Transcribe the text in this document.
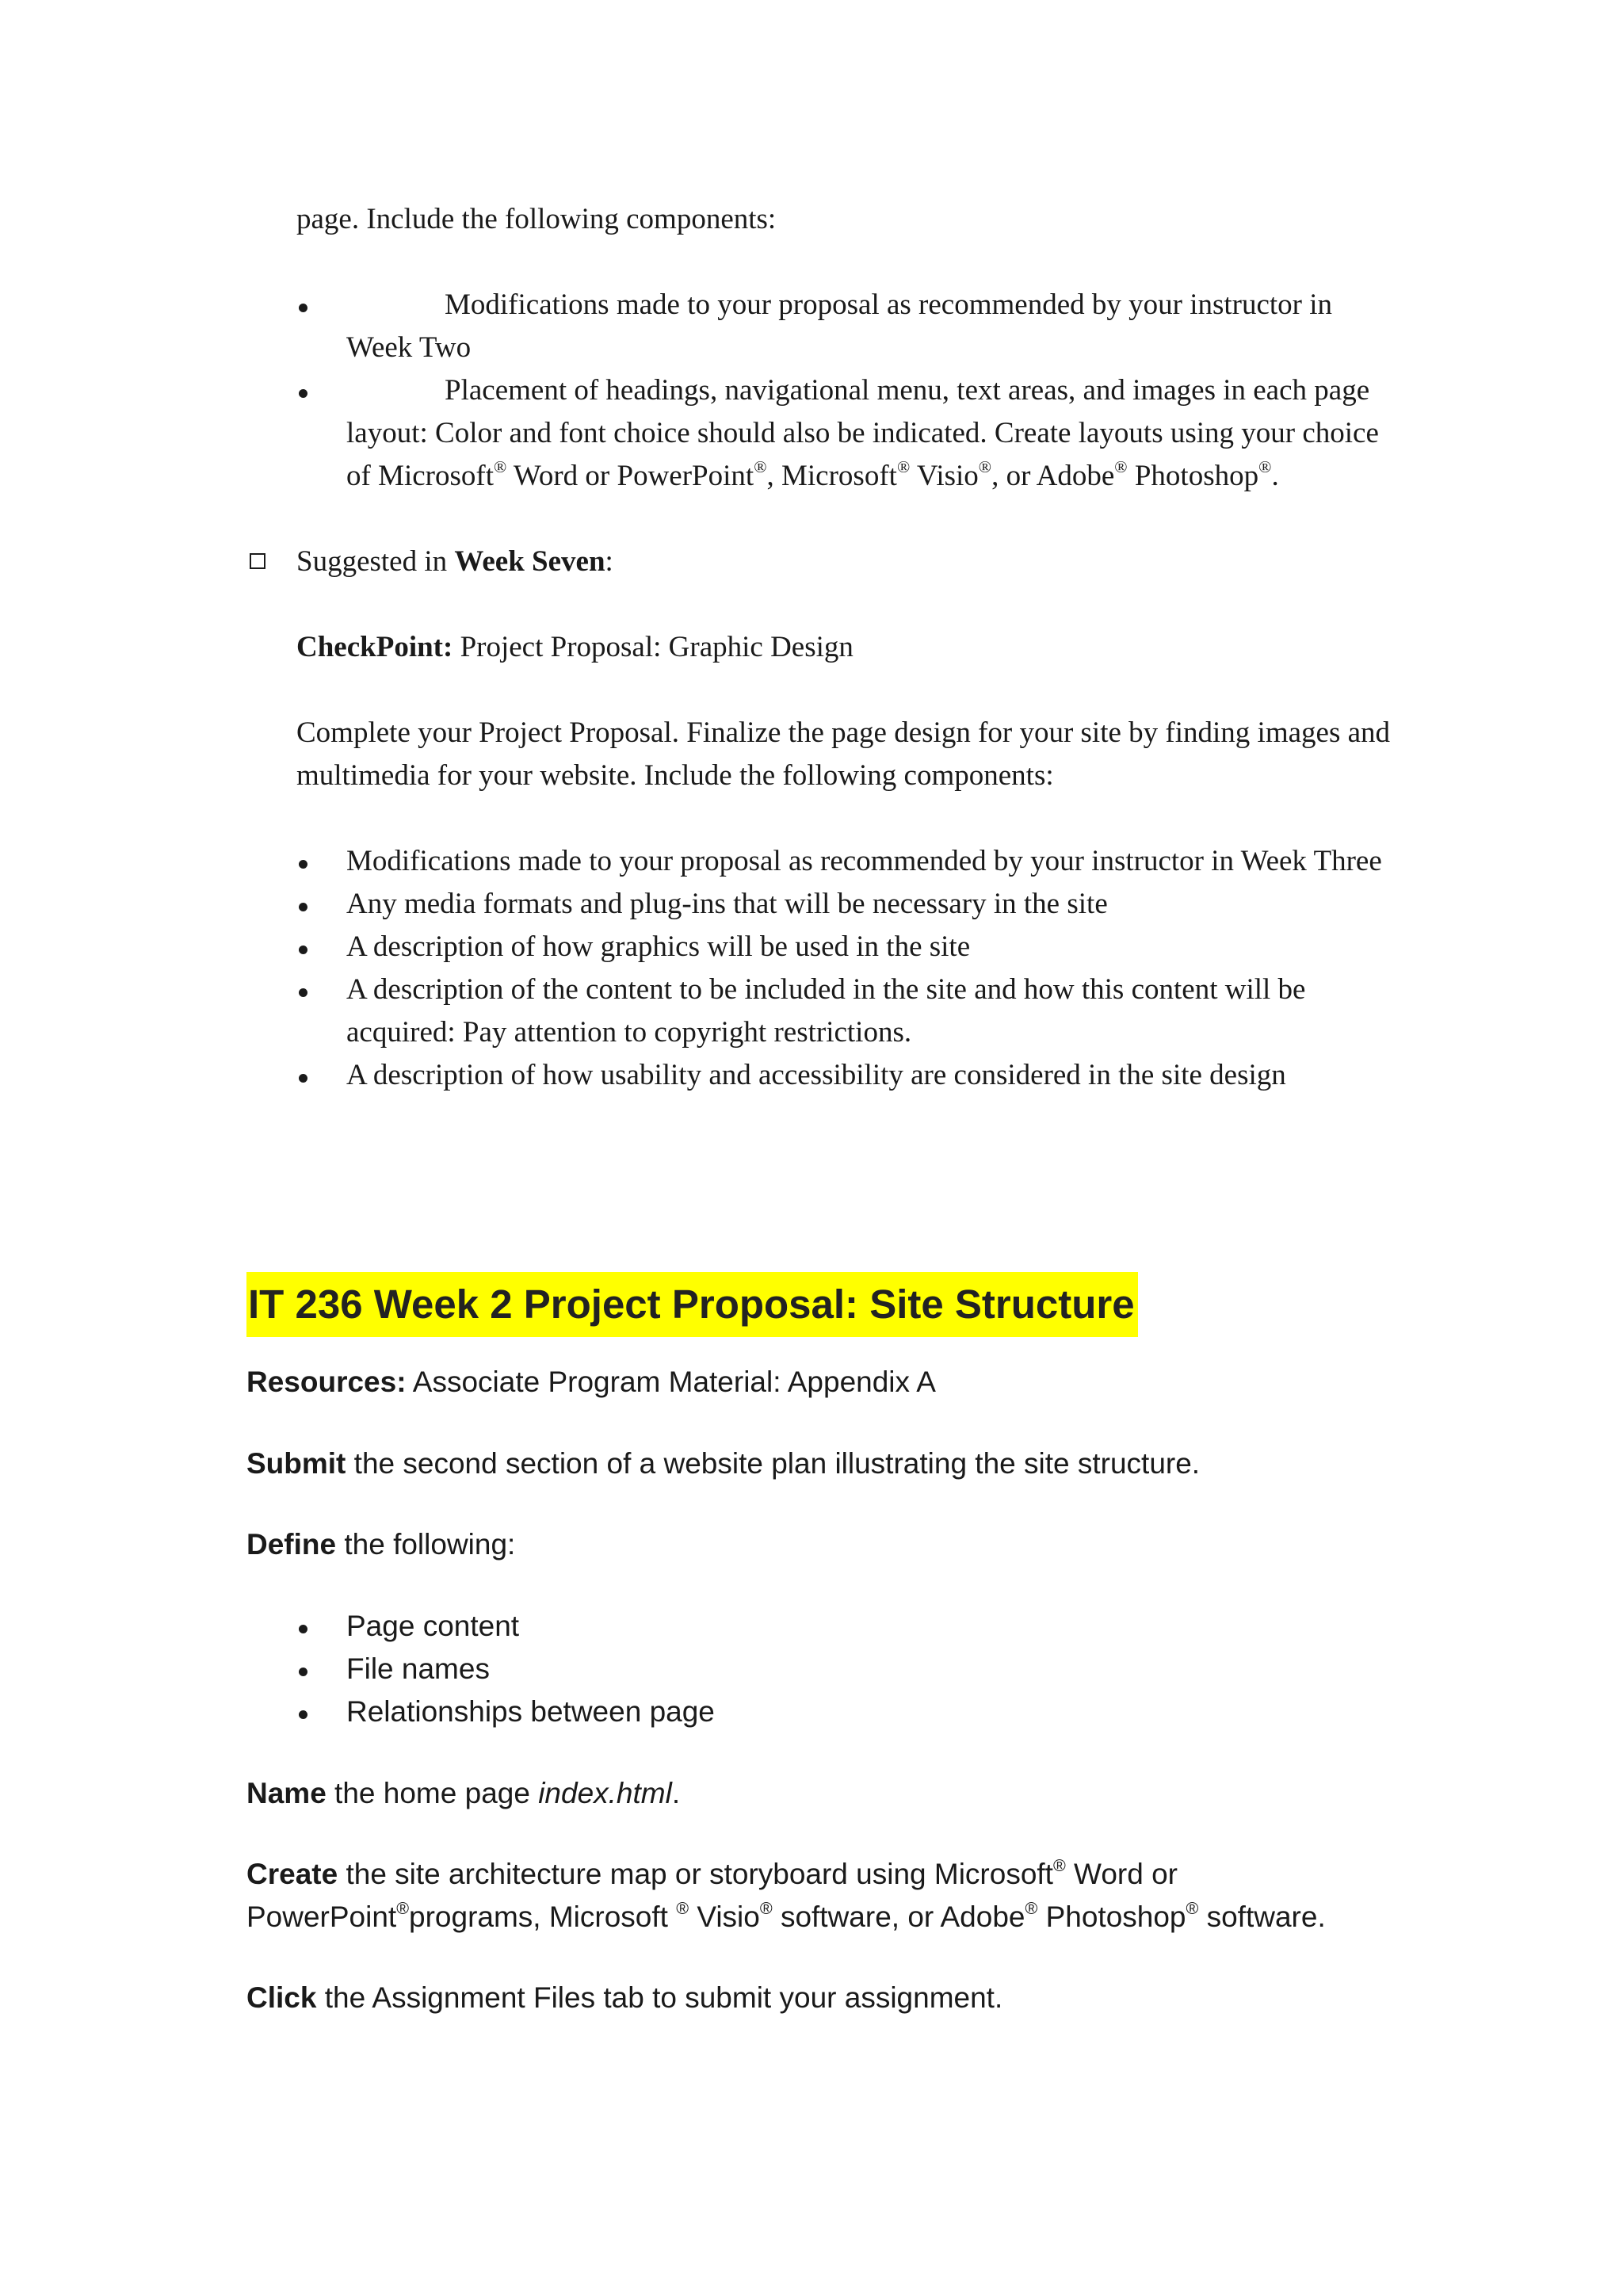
page. Include the following components:
Modifications made to your proposal as recommended by your instructor in
Week Two
Placement of headings, navigational menu, text areas, and images in each page
layout: Color and font choice should also be indicated. Create layouts using your choice
of Microsoft® Word or PowerPoint®, Microsoft® Visio®, or Adobe® Photoshop®.
Suggested in Week Seven:
CheckPoint: Project Proposal: Graphic Design
Complete your Project Proposal. Finalize the page design for your site by finding images and
multimedia for your website. Include the following components:
Modifications made to your proposal as recommended by your instructor in Week Three
Any media formats and plug-ins that will be necessary in the site
A description of how graphics will be used in the site
A description of the content to be included in the site and how this content will be
acquired: Pay attention to copyright restrictions.
A description of how usability and accessibility are considered in the site design
IT 236 Week 2 Project Proposal: Site Structure
Resources: Associate Program Material: Appendix A
Submit the second section of a website plan illustrating the site structure.
Define the following:
Page content
File names
Relationships between page
Name the home page index.html.
Create the site architecture map or storyboard using Microsoft® Word or
PowerPoint®programs, Microsoft ® Visio® software, or Adobe® Photoshop® software.
Click the Assignment Files tab to submit your assignment.
